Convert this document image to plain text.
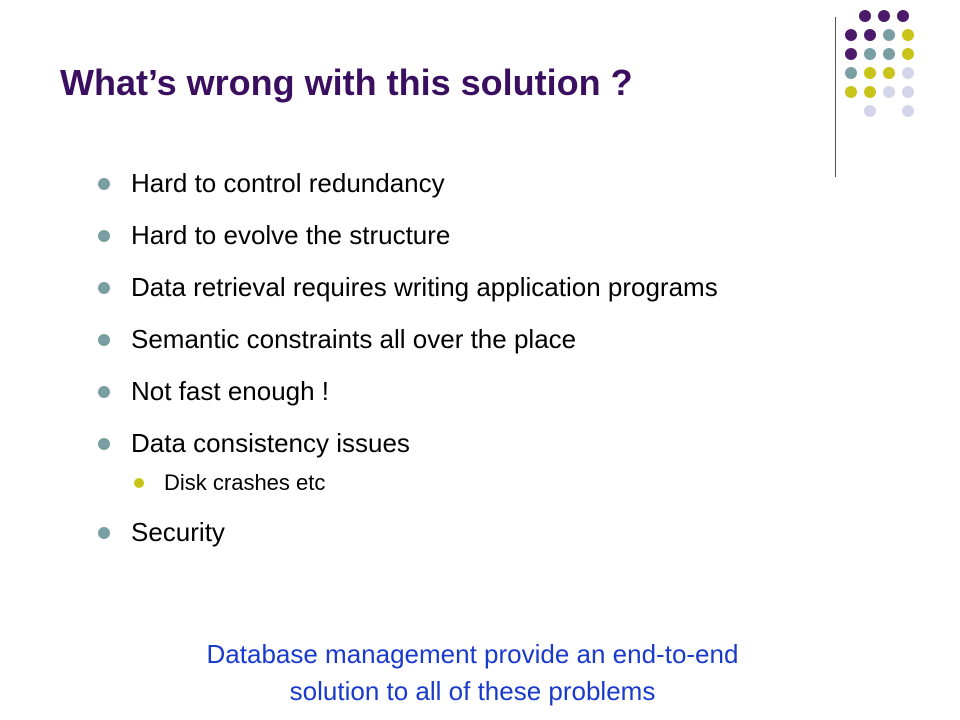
What’s wrong with this solution ?
Hard to control redundancy
Hard to evolve the structure
Data retrieval requires writing application programs
Semantic constraints all over the place
Not fast enough !
Data consistency issues
Disk crashes etc
Security

Database management provide an end-to-end
solution to all of these problems
